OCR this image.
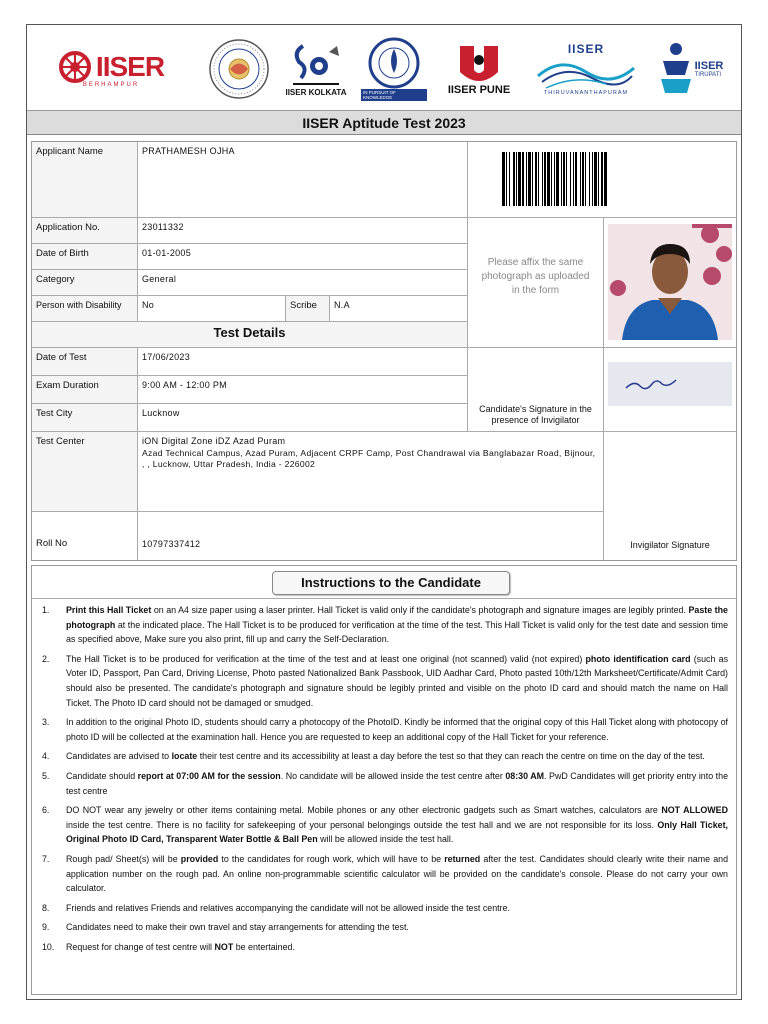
IISER
BERHAMPUR
IISER KOLKATA	IN PURSUIT OF KNOWLEDGE
IISER PUNE
IISER
THIRUVANANTHAPURAM
IISER
TIRUPATI
IISER Aptitude Test 2023
Applicant Name	PRATHAMESH OJHA
Application No.	23011332
Date of Birth	01-01-2005
Category	General
Person with Disability	No	Scribe	N.A
Please affix the same photograph as uploaded in the form
Test Details
Date of Test	17/06/2023
Exam Duration	9:00 AM - 12:00 PM
Test City	Lucknow	Candidate's Signature in the presence of Invigilator
Test Center	iON Digital Zone iDZ Azad Puram
Azad Technical Campus, Azad Puram, Adjacent CRPF Camp, Post Chandrawal via Banglabazar Road, Bijnour, , , Lucknow, Uttar Pradesh, India - 226002
Roll No	10797337412	Invigilator Signature
Instructions to the Candidate
1.	Print this Hall Ticket on an A4 size paper using a laser printer. Hall Ticket is valid only if the candidate's photograph and signature images are legibly printed. Paste the photograph at the indicated place. The Hall Ticket is to be produced for verification at the time of the test. This Hall Ticket is valid only for the test date and session time as specified above, Make sure you also print, fill up and carry the Self-Declaration.
2.	The Hall Ticket is to be produced for verification at the time of the test and at least one original (not scanned) valid (not expired) photo identification card (such as Voter ID, Passport, Pan Card, Driving License, Photo pasted Nationalized Bank Passbook, UID Aadhar Card, Photo pasted 10th/12th Marksheet/Certificate/Admit Card) should also be presented. The candidate's photograph and signature should be legibly printed and visible on the photo ID card and should match the name on Hall Ticket. The Photo ID card should not be damaged or smudged.
3.	In addition to the original Photo ID, students should carry a photocopy of the PhotoID. Kindly be informed that the original copy of this Hall Ticket along with photocopy of photo ID will be collected at the examination hall. Hence you are requested to keep an additional copy of the Hall Ticket for your reference.
4.	Candidates are advised to locate their test centre and its accessibility at least a day before the test so that they can reach the centre on time on the day of the test.
5.	Candidate should report at 07:00 AM for the session. No candidate will be allowed inside the test centre after 08:30 AM. PwD Candidates will get priority entry into the test centre
6.	DO NOT wear any jewelry or other items containing metal. Mobile phones or any other electronic gadgets such as Smart watches, calculators are NOT ALLOWED inside the test centre. There is no facility for safekeeping of your personal belongings outside the test hall and we are not responsible for its loss. Only Hall Ticket, Original Photo ID Card, Transparent Water Bottle & Ball Pen will be allowed inside the test hall.
7.	Rough pad/ Sheet(s) will be provided to the candidates for rough work, which will have to be returned after the test. Candidates should clearly write their name and application number on the rough pad. An online non-programmable scientific calculator will be provided on the candidate's console. Please do not carry your own calculator.
8.	Friends and relatives Friends and relatives accompanying the candidate will not be allowed inside the test centre.
9.	Candidates need to make their own travel and stay arrangements for attending the test.
10.	Request for change of test centre will NOT be entertained.
